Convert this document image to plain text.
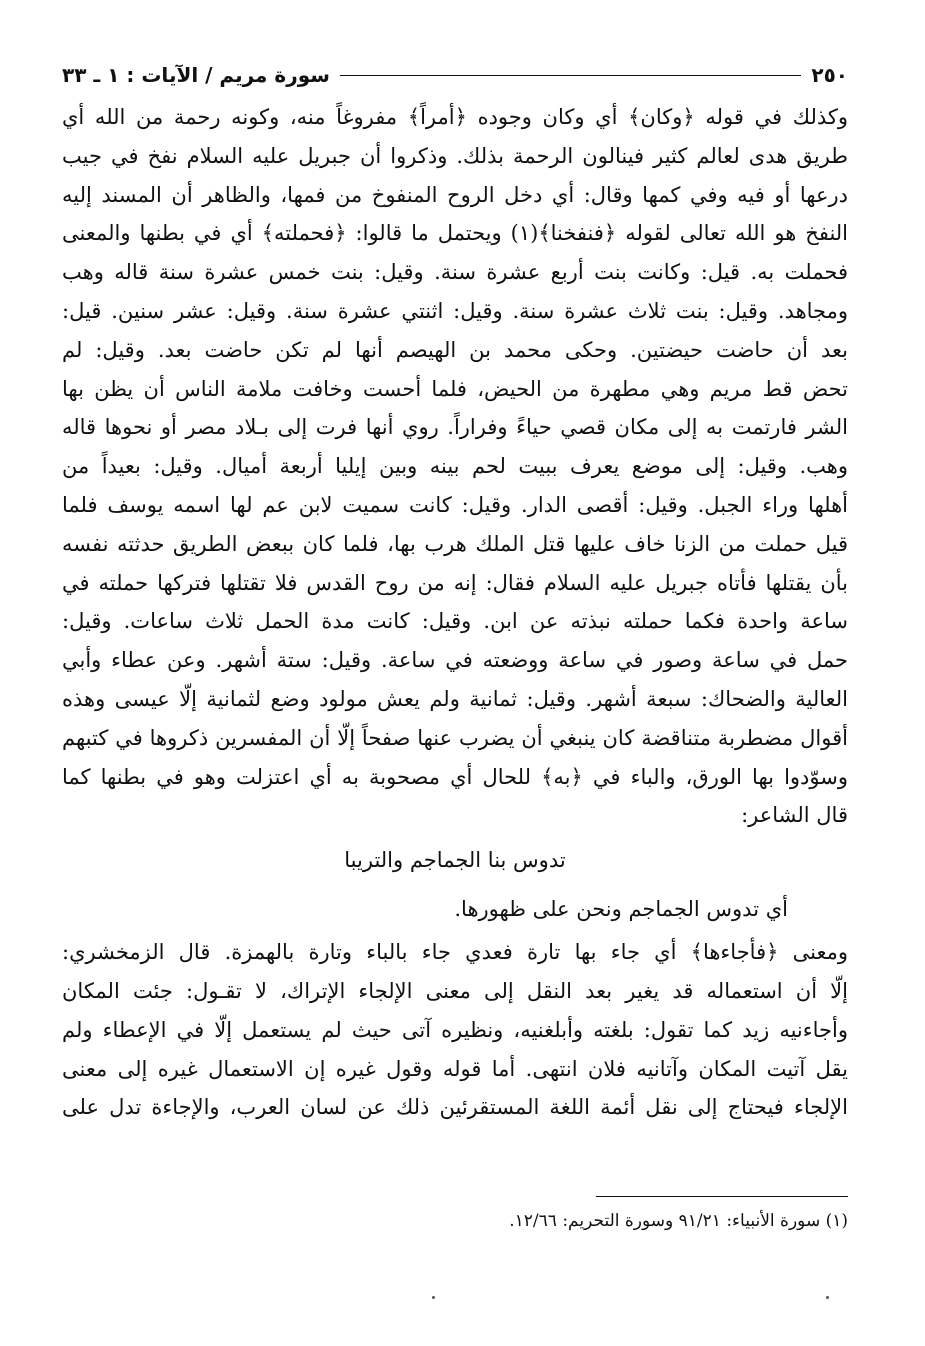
٢٥٠
سورة مريم / الآيات : ١ ـ ٣٣
وكذلك في قوله ﴿وكان﴾ أي وكان وجوده ﴿أمراً﴾ مفروغاً منه، وكونه رحمة من الله أي
طريق هدى لعالم كثير فينالون الرحمة بذلك. وذكروا أن جبريل عليه السلام نفخ في جيب
درعها أو فيه وفي كمها وقال: أي دخل الروح المنفوخ من فمها، والظاهر أن المسند إليه
النفخ هو الله تعالى لقوله ﴿فنفخنا﴾(١) ويحتمل ما قالوا: ﴿فحملته﴾ أي في بطنها والمعنى
فحملت به. قيل: وكانت بنت أربع عشرة سنة. وقيل: بنت خمس عشرة سنة قاله وهب
ومجاهد. وقيل: بنت ثلاث عشرة سنة. وقيل: اثنتي عشرة سنة. وقيل: عشر سنين. قيل:
بعد أن حاضت حيضتين. وحكى محمد بن الهيصم أنها لم تكن حاضت بعد. وقيل: لم
تحض قط مريم وهي مطهرة من الحيض، فلما أحست وخافت ملامة الناس أن يظن بها
الشر فارتمت به إلى مكان قصي حياءً وفراراً. روي أنها فرت إلى بـلاد مصر أو نحوها قاله
وهب. وقيل: إلى موضع يعرف ببيت لحم بينه وبين إيليا أربعة أميال. وقيل: بعيداً من
أهلها وراء الجبل. وقيل: أقصى الدار. وقيل: كانت سميت لابن عم لها اسمه يوسف فلما
قيل حملت من الزنا خاف عليها قتل الملك هرب بها، فلما كان ببعض الطريق حدثته نفسه
بأن يقتلها فأتاه جبريل عليه السلام فقال: إنه من روح القدس فلا تقتلها فتركها حملته في
ساعة واحدة فكما حملته نبذته عن ابن. وقيل: كانت مدة الحمل ثلاث ساعات. وقيل:
حمل في ساعة وصور في ساعة ووضعته في ساعة. وقيل: ستة أشهر. وعن عطاء وأبي
العالية والضحاك: سبعة أشهر. وقيل: ثمانية ولم يعش مولود وضع لثمانية إلّا عيسى وهذه
أقوال مضطربة متناقضة كان ينبغي أن يضرب عنها صفحاً إلّا أن المفسرين ذكروها في كتبهم
وسوّدوا بها الورق، والباء في ﴿به﴾ للحال أي مصحوبة به أي اعتزلت وهو في بطنها كما
قال الشاعر:
تدوس بنا الجماجم والتريبا
أي تدوس الجماجم ونحن على ظهورها.
ومعنى ﴿فأجاءها﴾ أي جاء بها تارة فعدي جاء بالباء وتارة بالهمزة. قال الزمخشري:
إلّا أن استعماله قد يغير بعد النقل إلى معنى الإلجاء الإتراك، لا تقـول: جئت المكان
وأجاءنيه زيد كما تقول: بلغته وأبلغنيه، ونظيره آتى حيث لم يستعمل إلّا في الإعطاء ولم
يقل آتيت المكان وآتانيه فلان انتهى. أما قوله وقول غيره إن الاستعمال غيره إلى معنى
الإلجاء فيحتاج إلى نقل أئمة اللغة المستقرئين ذلك عن لسان العرب، والإجاءة تدل على
(١) سورة الأنبياء: ٩١/٢١ وسورة التحريم: ١٢/٦٦.
